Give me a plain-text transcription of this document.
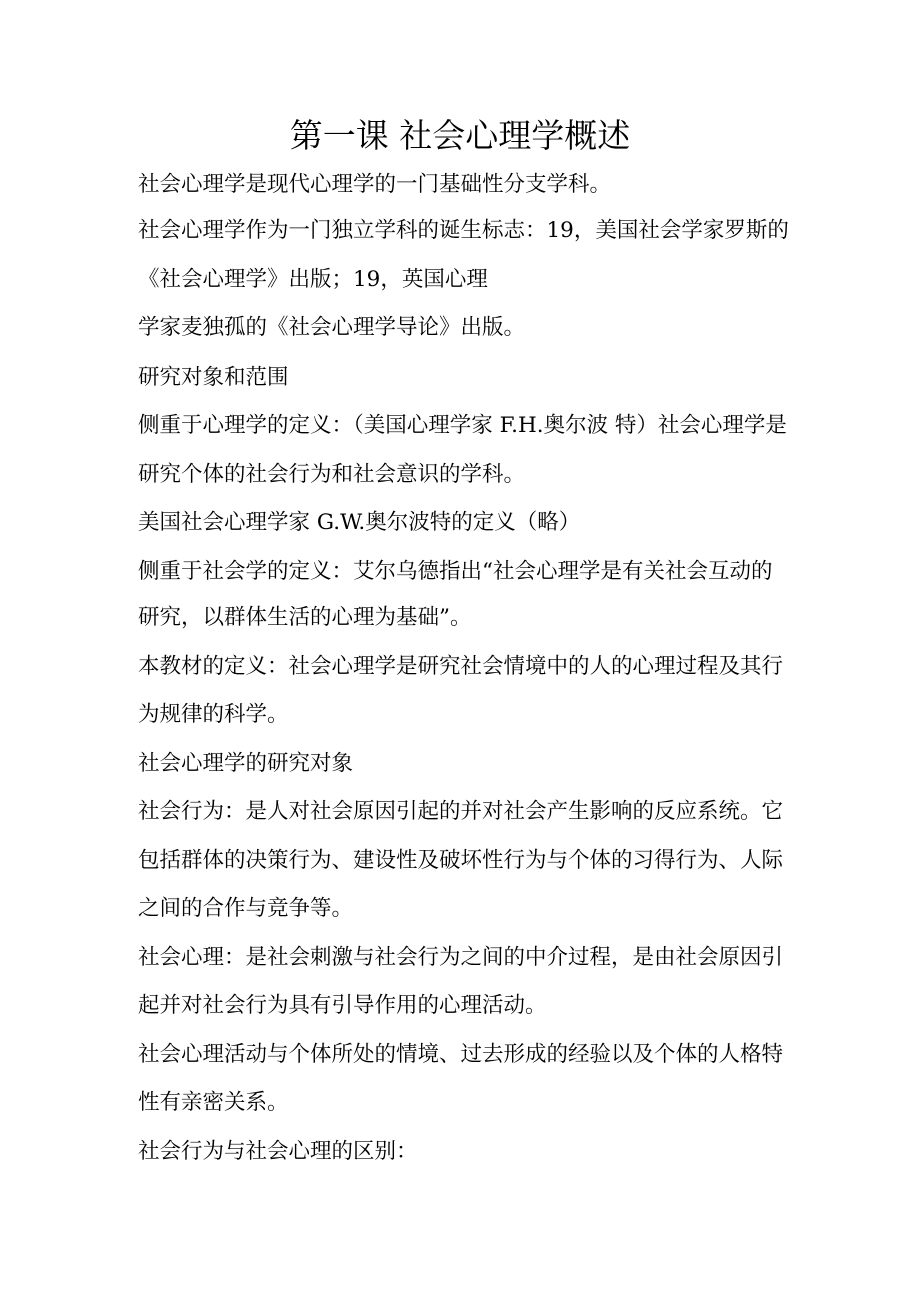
第一课 社会心理学概述
社会心理学是现代心理学的一门基础性分支学科。
社会心理学作为一门独立学科的诞生标志：19，美国社会学家罗斯的
《社会心理学》出版；19，英国心理
学家麦独孤的《社会心理学导论》出版。
研究对象和范围
侧重于心理学的定义：（美国心理学家 F.H.奥尔波 特）社会心理学是
研究个体的社会行为和社会意识的学科。
美国社会心理学家 G.W.奥尔波特的定义（略）
侧重于社会学的定义：艾尔乌德指出“社会心理学是有关社会互动的
研究，以群体生活的心理为基础”。
本教材的定义：社会心理学是研究社会情境中的人的心理过程及其行
为规律的科学。
社会心理学的研究对象
社会行为：是人对社会原因引起的并对社会产生影响的反应系统。它
包括群体的决策行为、建设性及破坏性行为与个体的习得行为、人际
之间的合作与竞争等。
社会心理：是社会刺激与社会行为之间的中介过程，是由社会原因引
起并对社会行为具有引导作用的心理活动。
社会心理活动与个体所处的情境、过去形成的经验以及个体的人格特
性有亲密关系。
社会行为与社会心理的区别：
